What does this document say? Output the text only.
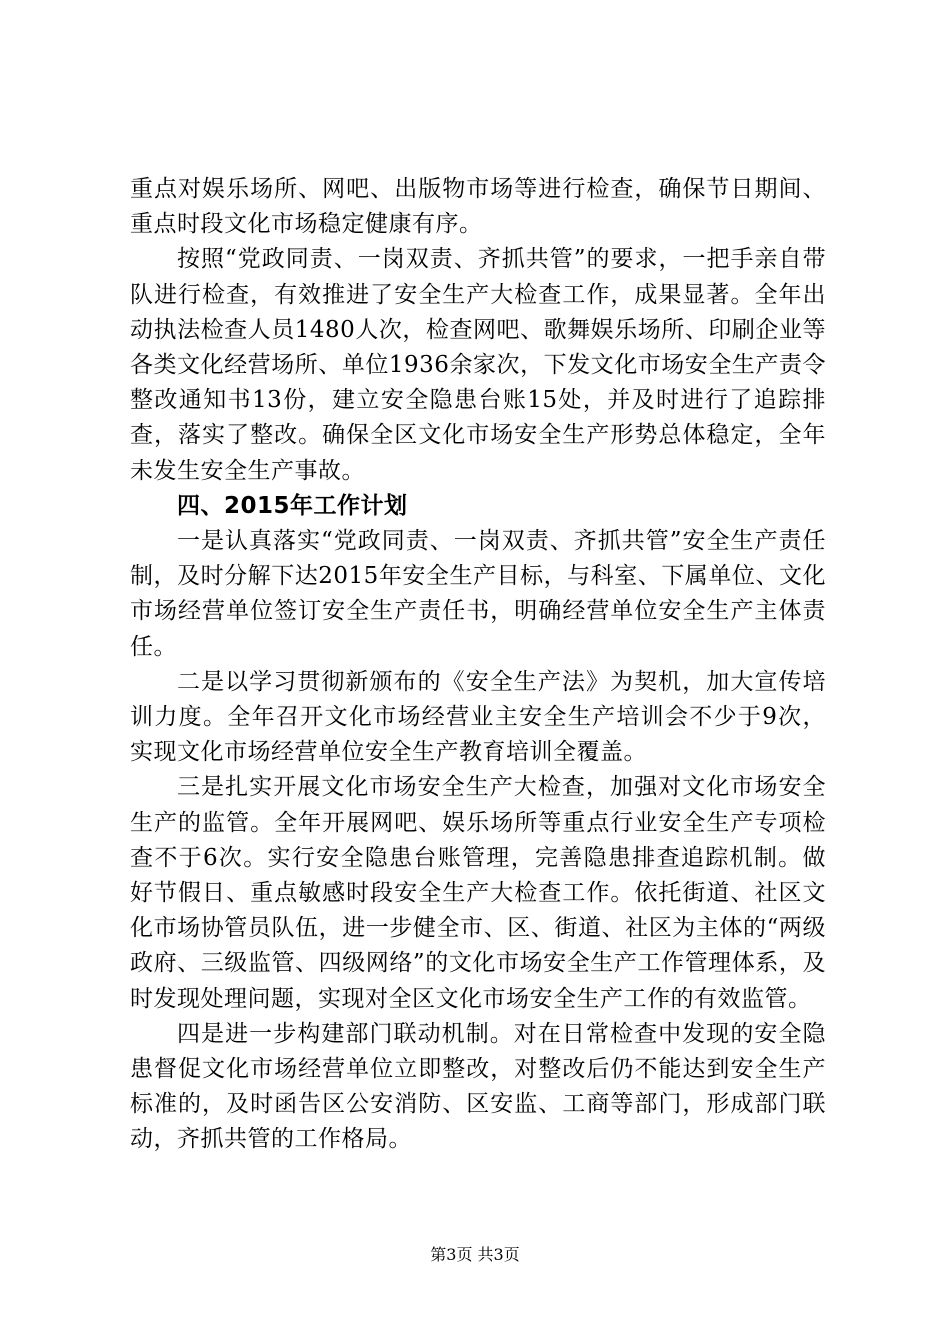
重点对娱乐场所、网吧、出版物市场等进行检查，确保节日期间、重点时段文化市场稳定健康有序。

按照“党政同责、一岗双责、齐抓共管”的要求，一把手亲自带队进行检查，有效推进了安全生产大检查工作，成果显著。全年出动执法检查人员1480人次，检查网吧、歌舞娱乐场所、印刷企业等各类文化经营场所、单位1936余家次，下发文化市场安全生产责令整改通知书13份，建立安全隐患台账15处，并及时进行了追踪排查，落实了整改。确保全区文化市场安全生产形势总体稳定，全年未发生安全生产事故。

四、2015年工作计划

一是认真落实“党政同责、一岗双责、齐抓共管”安全生产责任制，及时分解下达2015年安全生产目标，与科室、下属单位、文化市场经营单位签订安全生产责任书，明确经营单位安全生产主体责任。

二是以学习贯彻新颁布的《安全生产法》为契机，加大宣传培训力度。全年召开文化市场经营业主安全生产培训会不少于9次，实现文化市场经营单位安全生产教育培训全覆盖。

三是扎实开展文化市场安全生产大检查，加强对文化市场安全生产的监管。全年开展网吧、娱乐场所等重点行业安全生产专项检查不于6次。实行安全隐患台账管理，完善隐患排查追踪机制。做好节假日、重点敏感时段安全生产大检查工作。依托街道、社区文化市场协管员队伍，进一步健全市、区、街道、社区为主体的“两级政府、三级监管、四级网络”的文化市场安全生产工作管理体系，及时发现处理问题，实现对全区文化市场安全生产工作的有效监管。

四是进一步构建部门联动机制。对在日常检查中发现的安全隐患督促文化市场经营单位立即整改，对整改后仍不能达到安全生产标准的，及时函告区公安消防、区安监、工商等部门，形成部门联动，齐抓共管的工作格局。

第3页 共3页
